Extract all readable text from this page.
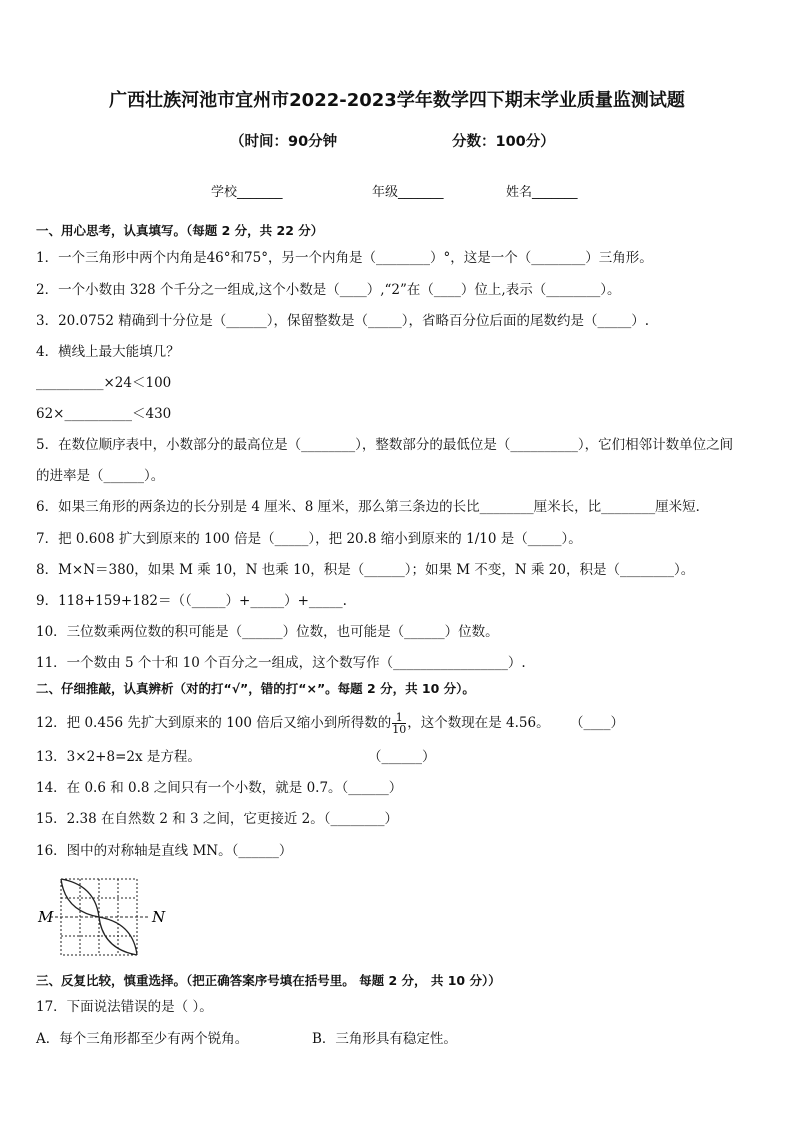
广西壮族河池市宜州市2022-2023学年数学四下期末学业质量监测试题
（时间：90分钟	分数：100分）
学校_______	年级_______	姓名_______
一、用心思考，认真填写。（每题 2 分，共 22 分）
1．一个三角形中两个内角是46°和75°，另一个内角是（________）°，这是一个（________）三角形。
2．一个小数由 328 个千分之一组成,这个小数是（____）,“2”在（____）位上,表示（________）。
3．20.0752 精确到十分位是（______），保留整数是（_____），省略百分位后面的尾数约是（_____）.
4．横线上最大能填几？
__________×24＜100
62×__________＜430
5．在数位顺序表中，小数部分的最高位是（________），整数部分的最低位是（__________），它们相邻计数单位之间
的进率是（______）。
6．如果三角形的两条边的长分别是 4 厘米、8 厘米，那么第三条边的长比________厘米长，比________厘米短．
7．把 0.608 扩大到原来的 100 倍是（_____），把 20.8 缩小到原来的 1/10 是（_____）。
8．M×N＝380，如果 M 乘 10，N 也乘 10，积是（______）；如果 M 不变，N 乘 20，积是（________）。
9．118+159+182＝（（_____）+_____）+_____.
10．三位数乘两位数的积可能是（______）位数，也可能是（______）位数。
11．一个数由 5 个十和 10 个百分之一组成，这个数写作（_________________）.
二、仔细推敲，认真辨析（对的打“√”，错的打“×”。每题 2 分，共 10 分）。
12．把 0.456 先扩大到原来的 100 倍后又缩小到所得数的 $\frac{1}{10}$ ，这个数现在是 4.56。 （____）
13．3×2+8=2x 是方程。	（______）
14．在 0.6 和 0.8 之间只有一个小数，就是 0.7。（______）
15．2.38 在自然数 2 和 3 之间，它更接近 2。（________）
16．图中的对称轴是直线 MN。（______）
M	N
三、反复比较，慎重选择。（把正确答案序号填在括号里。 每题 2 分， 共 10 分））
17．下面说法错误的是（ ）。
A．每个三角形都至少有两个锐角。	B．三角形具有稳定性。
